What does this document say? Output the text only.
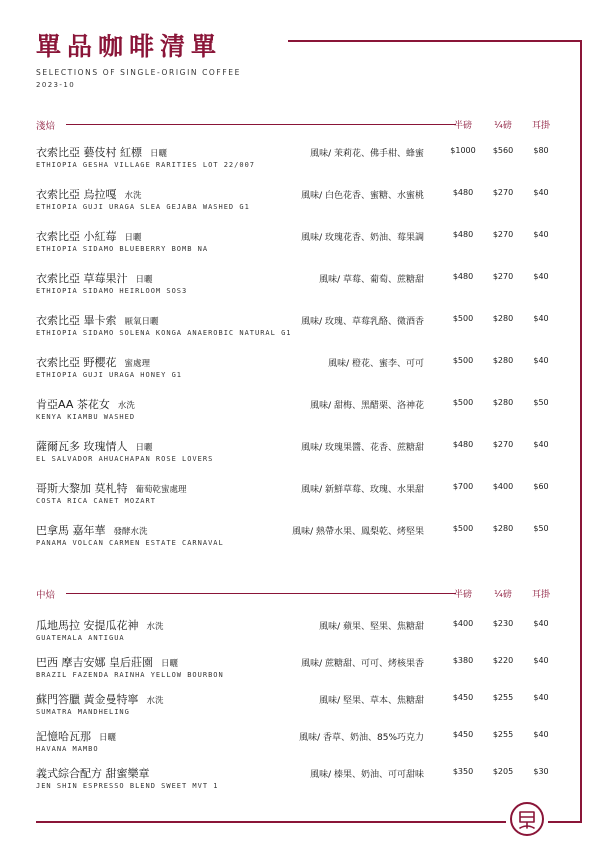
單品咖啡清單
SELECTIONS OF SINGLE-ORIGIN COFFEE
2023-10
淺焙	半磅	¼磅	耳掛
衣索比亞 藝伎村 紅標 日曬
ETHIOPIA GESHA VILLAGE RARITIES LOT 22/007
風味/ 茉莉花、佛手柑、蜂蜜	$1000	$560	$80
衣索比亞 烏拉嘎 水洗
ETHIOPIA GUJI URAGA SLEA GEJABA WASHED G1
風味/ 白色花香、蜜糖、水蜜桃	$480	$270	$40
衣索比亞 小紅莓 日曬
ETHIOPIA SIDAMO BLUEBERRY BOMB NA
風味/ 玫瑰花香、奶油、莓果調	$480	$270	$40
衣索比亞 草莓果汁 日曬
ETHIOPIA SIDAMO HEIRLOOM SOS3
風味/ 草莓、葡萄、蔗糖甜	$480	$270	$40
衣索比亞 畢卡索 厭氧日曬
ETHIOPIA SIDAMO SOLENA KONGA ANAEROBIC NATURAL G1
風味/ 玫瑰、草莓乳酪、微酒香	$500	$280	$40
衣索比亞 野櫻花 蜜處理
ETHIOPIA GUJI URAGA HONEY G1
風味/ 橙花、蜜李、可可	$500	$280	$40
肯亞AA 茶花女 水洗
KENYA KIAMBU WASHED
風味/ 甜梅、黑醋栗、洛神花	$500	$280	$50
薩爾瓦多 玫瑰情人 日曬
EL SALVADOR AHUACHAPAN ROSE LOVERS
風味/ 玫瑰果醬、花香、蔗糖甜	$480	$270	$40
哥斯大黎加 莫札特 葡萄乾蜜處理
COSTA RICA CANET MOZART
風味/ 新鮮草莓、玫瑰、水果甜	$700	$400	$60
巴拿馬 嘉年華 發酵水洗
PANAMA VOLCAN CARMEN ESTATE CARNAVAL
風味/ 熱帶水果、鳳梨乾、烤堅果	$500	$280	$50
中焙	半磅	¼磅	耳掛
瓜地馬拉 安提瓜花神 水洗
GUATEMALA ANTIGUA
風味/ 蘋果、堅果、焦糖甜	$400	$230	$40
巴西 摩吉安娜 皇后莊園 日曬
BRAZIL FAZENDA RAINHA YELLOW BOURBON
風味/ 蔗糖甜、可可、烤核果香	$380	$220	$40
蘇門答臘 黃金曼特寧 水洗
SUMATRA MANDHELING
風味/ 堅果、草本、焦糖甜	$450	$255	$40
記憶哈瓦那 日曬
HAVANA MAMBO
風味/ 香草、奶油、85%巧克力	$450	$255	$40
義式綜合配方 甜蜜樂章
JEN SHIN ESPRESSO BLEND SWEET MVT 1
風味/ 榛果、奶油、可可甜味	$350	$205	$30
